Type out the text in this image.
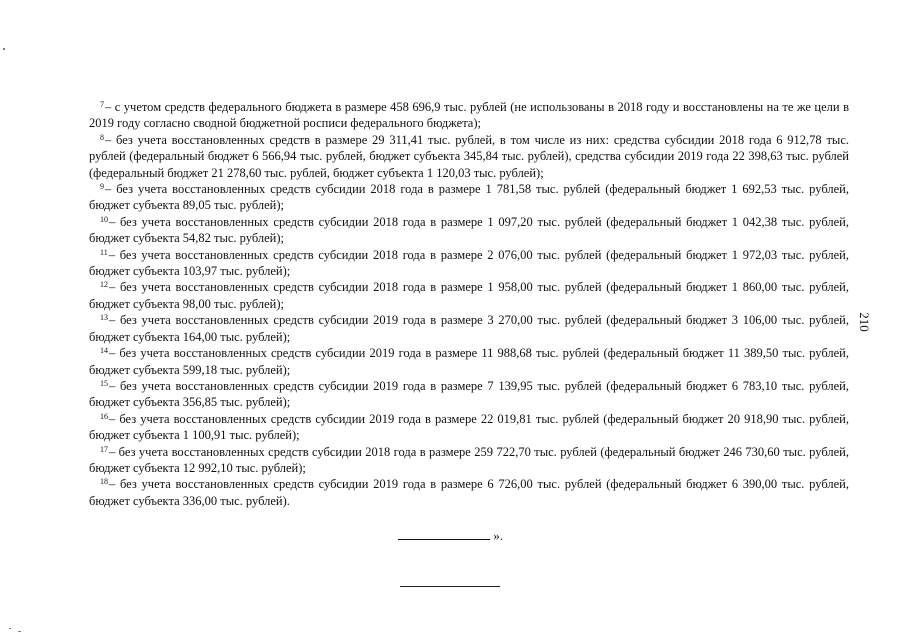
$^7$– с учетом средств федерального бюджета в размере 458 696,9 тыс. рублей (не использованы в 2018 году и восстановлены на те же цели в 2019 году согласно сводной бюджетной росписи федерального бюджета);

$^8$– без учета восстановленных средств в размере 29 311,41 тыс. рублей, в том числе из них: средства субсидии 2018 года 6 912,78 тыс. рублей (федеральный бюджет 6 566,94 тыс. рублей, бюджет субъекта 345,84 тыс. рублей), средства субсидии 2019 года 22 398,63 тыс. рублей (федеральный бюджет 21 278,60 тыс. рублей, бюджет субъекта 1 120,03 тыс. рублей);

$^9$– без учета восстановленных средств субсидии 2018 года в размере 1 781,58 тыс. рублей (федеральный бюджет 1 692,53 тыс. рублей, бюджет субъекта 89,05 тыс. рублей);

$^{10}$– без учета восстановленных средств субсидии 2018 года в размере 1 097,20 тыс. рублей (федеральный бюджет 1 042,38 тыс. рублей, бюджет субъекта 54,82 тыс. рублей);

$^{11}$– без учета восстановленных средств субсидии 2018 года в размере 2 076,00 тыс. рублей (федеральный бюджет 1 972,03 тыс. рублей, бюджет субъекта 103,97 тыс. рублей);

$^{12}$– без учета восстановленных средств субсидии 2018 года в размере 1 958,00 тыс. рублей (федеральный бюджет 1 860,00 тыс. рублей, бюджет субъекта 98,00 тыс. рублей);

$^{13}$– без учета восстановленных средств субсидии 2019 года в размере 3 270,00 тыс. рублей (федеральный бюджет 3 106,00 тыс. рублей, бюджет субъекта 164,00 тыс. рублей);

$^{14}$– без учета восстановленных средств субсидии 2019 года в размере 11 988,68 тыс. рублей (федеральный бюджет 11 389,50 тыс. рублей, бюджет субъекта 599,18 тыс. рублей);

$^{15}$– без учета восстановленных средств субсидии 2019 года в размере 7 139,95 тыс. рублей (федеральный бюджет 6 783,10 тыс. рублей, бюджет субъекта 356,85 тыс. рублей);

$^{16}$– без учета восстановленных средств субсидии 2019 года в размере 22 019,81 тыс. рублей (федеральный бюджет 20 918,90 тыс. рублей, бюджет субъекта 1 100,91 тыс. рублей);

$^{17}$– без учета восстановленных средств субсидии 2018 года в размере 259 722,70 тыс. рублей (федеральный бюджет 246 730,60 тыс. рублей, бюджет субъекта 12 992,10 тыс. рублей);

$^{18}$– без учета восстановленных средств субсидии 2019 года в размере 6 726,00 тыс. рублей (федеральный бюджет 6 390,00 тыс. рублей, бюджет субъекта 336,00 тыс. рублей).

».
210
